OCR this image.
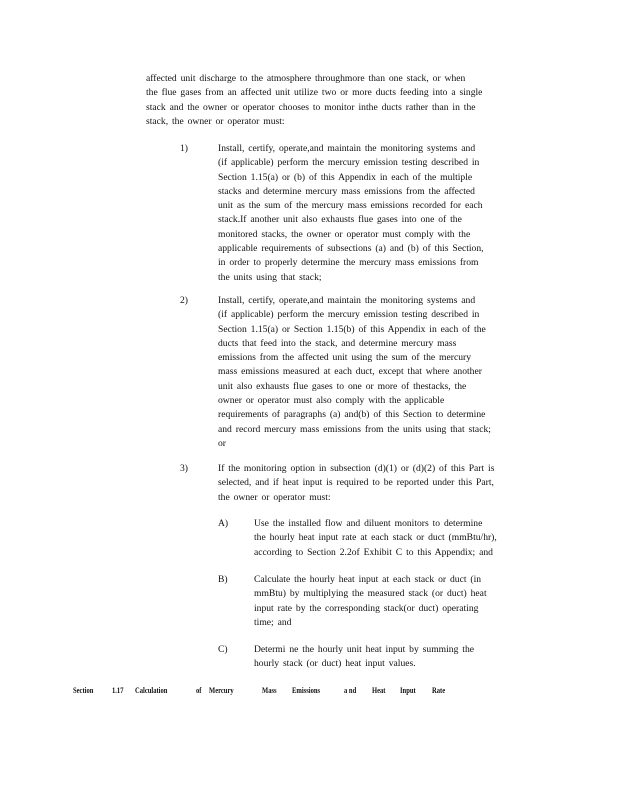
affected unit discharge to the atmosphere throughmore than one stack, or when
the flue gases from an affected unit utilize two or more ducts feeding into a single
stack and the owner or operator chooses to monitor inthe ducts rather than in the
stack, the owner or operator must:

1)	Install, certify, operate,and maintain the monitoring systems and
(if applicable) perform the mercury emission testing described in
Section 1.15(a) or (b) of this Appendix in each of the multiple
stacks and determine mercury mass emissions from the affected
unit as the sum of the mercury mass emissions recorded for each
stack.If another unit also exhausts flue gases into one of the
monitored stacks, the owner or operator must comply with the
applicable requirements of subsections (a) and (b) of this Section,
in order to properly determine the mercury mass emissions from
the units using that stack;

2)	Install, certify, operate,and maintain the monitoring systems and
(if applicable) perform the mercury emission testing described in
Section 1.15(a) or Section 1.15(b) of this Appendix in each of the
ducts that feed into the stack, and determine mercury mass
emissions from the affected unit using the sum of the mercury
mass emissions measured at each duct, except that where another
unit also exhausts flue gases to one or more of thestacks, the
owner or operator must also comply with the applicable
requirements of paragraphs (a) and(b) of this Section to determine
and record mercury mass emissions from the units using that stack;
or

3)	If the monitoring option in subsection (d)(1) or (d)(2) of this Part is
selected, and if heat input is required to be reported under this Part,
the owner or operator must:

A)	Use the installed flow and diluent monitors to determine
the hourly heat input rate at each stack or duct (mmBtu/hr),
according to Section 2.2of Exhibit C to this Appendix; and

B)	Calculate the hourly heat input at each stack or duct (in
mmBtu) by multiplying the measured stack (or duct) heat
input rate by the corresponding stack(or duct) operating
time; and

C)	Determi ne the hourly unit heat input by summing the
hourly stack (or duct) heat input values.

Section 1.17 Calculation	of Mercury	Mass Emissions	a nd Heat Input Rate
